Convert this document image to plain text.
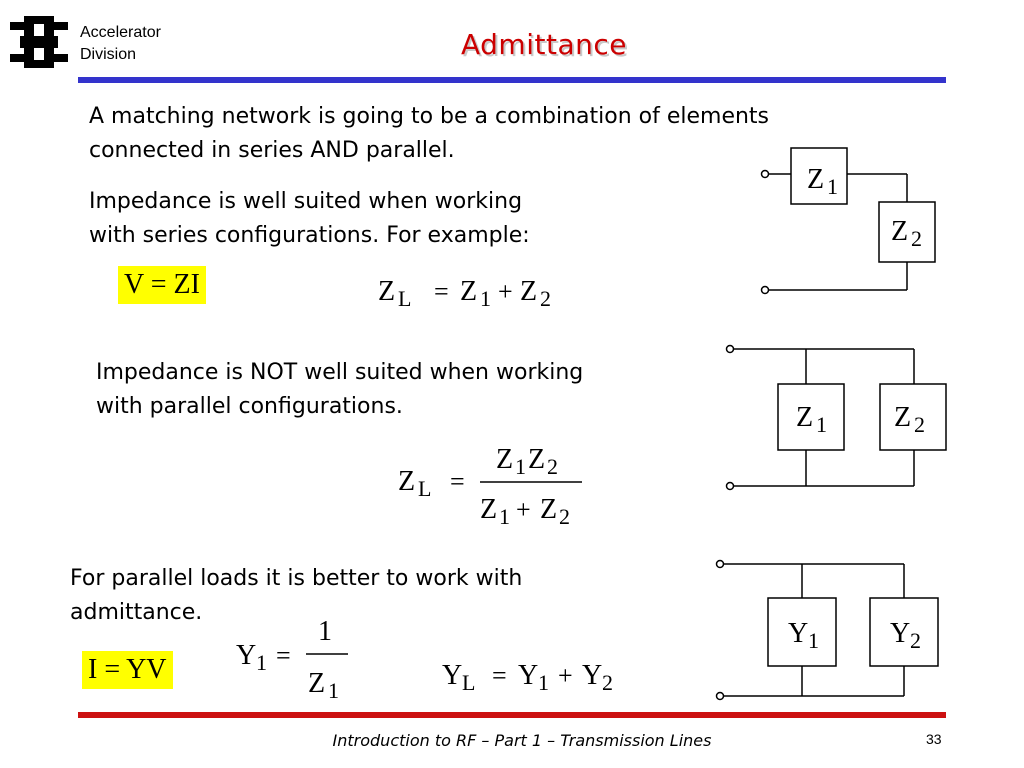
Accelerator
Division	Admittance
A matching network is going to be a combination of elements
connected in series AND parallel.
Impedance is well suited when working
with series configurations. For example:
V = ZI	Z L = Z 1 + Z 2
Z 1
Z 2
Impedance is NOT well suited when working
with parallel configurations.
Z L =
Z 1 Z 2
Z 1 + Z 2
Z 1 Z 2
For parallel loads it is better to work with
admittance.
Y 1 =
1
Z 1
I = YV	Y L = Y 1 + Y 2
Y 1	Y 2
Introduction to RF – Part 1 – Transmission Lines	33
